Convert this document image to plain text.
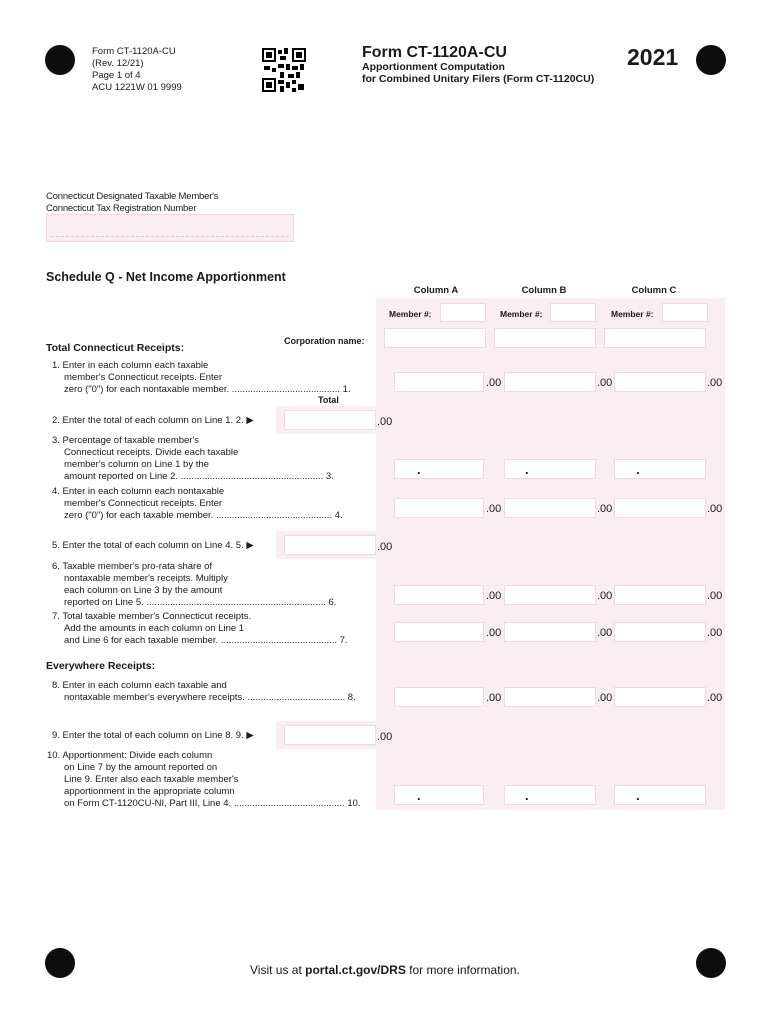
Form CT-1120A-CU
(Rev. 12/21)
Page 1 of 4
ACU 1221W 01 9999
Form CT-1120A-CU
Apportionment Computation
for Combined Unitary Filers (Form CT-1120CU)
2021
Connecticut Designated Taxable Member's
Connecticut Tax Registration Number
Schedule Q - Net Income Apportionment
Column A	Column B	Column C
Member #:	Member #:	Member #:
Corporation name:
Total Connecticut Receipts:
1. Enter in each column each taxable
member's Connecticut receipts. Enter
zero ("0") for each nontaxable member. ......................................... 1.
Total
.00	.00	.00
2. Enter the total of each column on Line 1. 2. ▶	.00
3. Percentage of taxable member's
Connecticut receipts. Divide each taxable
member's column on Line 1 by the
amount reported on Line 2. ...................................................... 3.	.	.	.
4. Enter in each column each nontaxable
member's Connecticut receipts. Enter
zero ("0") for each taxable member. ............................................ 4.
.00	.00	.00
5. Enter the total of each column on Line 4. 5. ▶	.00
6. Taxable member's pro-rata share of
nontaxable member's receipts. Multiply
each column on Line 3 by the amount
reported on Line 5. .................................................................... 6.
.00	.00	.00
7. Total taxable member's Connecticut receipts.
Add the amounts in each column on Line 1
and Line 6 for each taxable member. ............................................ 7.
.00	.00	.00
Everywhere Receipts:
8. Enter in each column each taxable and
nontaxable member's everywhere receipts. ..................................... 8.	.00	.00	.00
9. Enter the total of each column on Line 8. 9. ▶	.00
10. Apportionment: Divide each column
on Line 7 by the amount reported on
Line 9. Enter also each taxable member's
apportionment in the appropriate column
on Form CT-1120CU-NI, Part III, Line 4. .......................................... 10.
.	.	.
Visit us at portal.ct.gov/DRS for more information.
